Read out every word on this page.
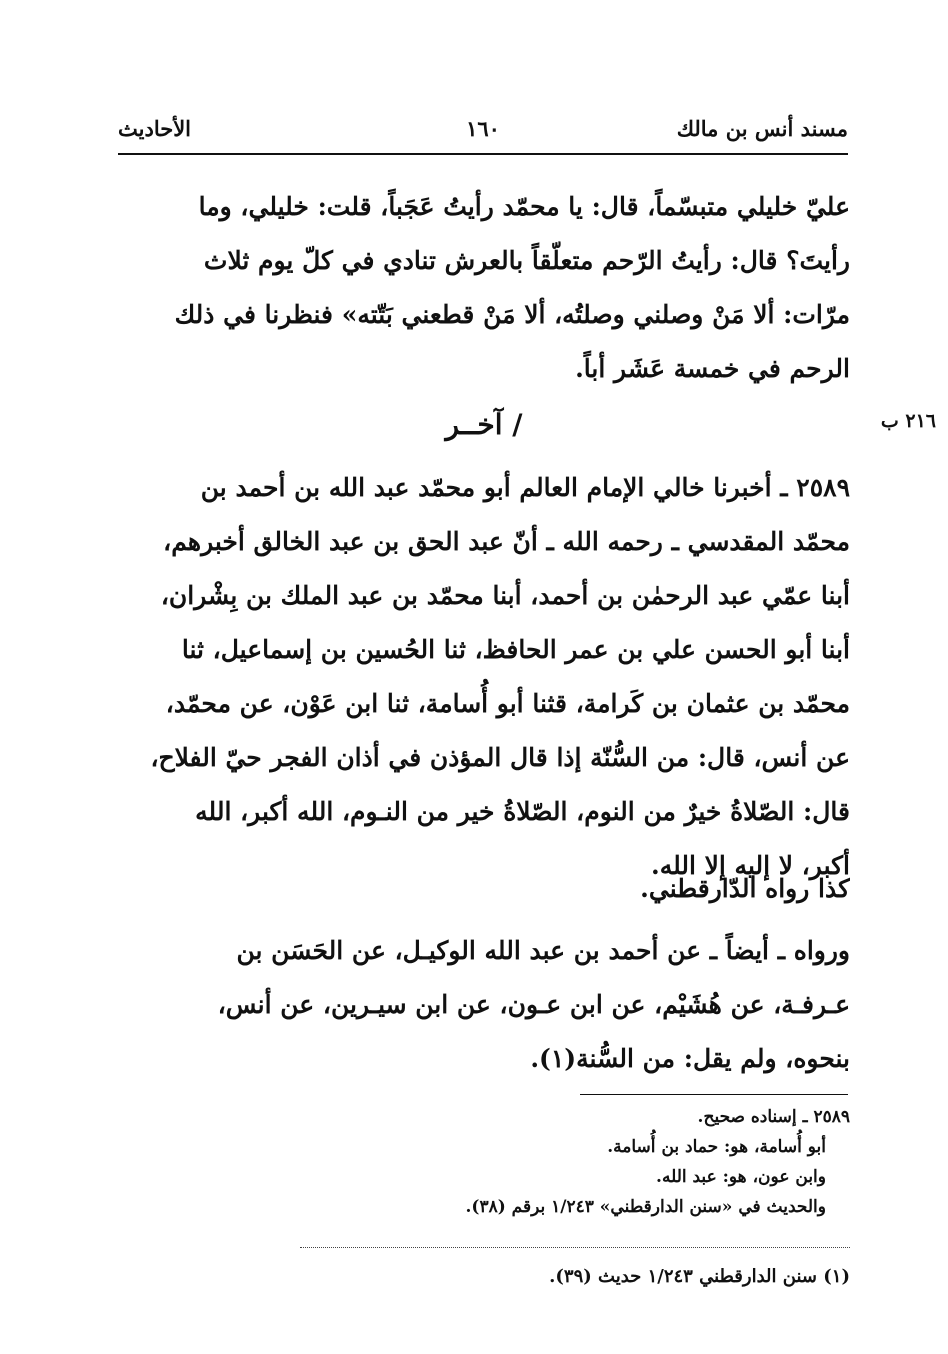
مسند أنس بن مالك
١٦٠
الأحاديث
عليّ خليلي متبسّماً، قال: يا محمّد رأيتُ عَجَباً، قلت: خليلي، وما
رأيتَ؟ قال: رأيتُ الرّحم متعلّقاً بالعرش تنادي في كلّ يوم ثلاث
مرّات: ألا مَنْ وصلني وصلتُه، ألا مَنْ قطعني بَتّته» فنظرنا في ذلك
الرحم في خمسة عَشَر أباً.
/ آخــر	٢١٦ ب
٢٥٨٩ ـ أخبرنا خالي الإمام العالم أبو محمّد عبد الله بن أحمد بن
محمّد المقدسي ـ رحمه الله ـ أنّ عبد الحق بن عبد الخالق أخبرهم،
أبنا عمّي عبد الرحمٰن بن أحمد، أبنا محمّد بن عبد الملك بن بِشْران،
أبنا أبو الحسن علي بن عمر الحافظ، ثنا الحُسين بن إسماعيل، ثنا
محمّد بن عثمان بن كَرامة، قثنا أبو أُسامة، ثنا ابن عَوْن، عن محمّد،
عن أنس، قال: من السُّنّة إذا قال المؤذن في أذان الفجر حيّ الفلاح،
قال: الصّلاةُ خيرٌ من النوم، الصّلاةُ خير من النـوم، الله أكبر، الله
أكبر، لا إليه إلا الله.
كذا رواه الدّارقطني.
ورواه ـ أيضاً ـ عن أحمد بن عبد الله الوكيـل، عن الحَسَن بن
عـرفـة، عن هُشَيْم، عن ابن عـون، عن ابن سيـرين، عن أنس،
بنحوه، ولم يقل: من السُّنة(١).
٢٥٨٩ ـ إسناده صحيح.
أبو أُسامة، هو: حماد بن أُسامة.
وابن عون، هو: عبد الله.
والحديث في «سنن الدارقطني» ١/٢٤٣ برقم (٣٨).
(١) سنن الدارقطني ١/٢٤٣ حديث (٣٩).
